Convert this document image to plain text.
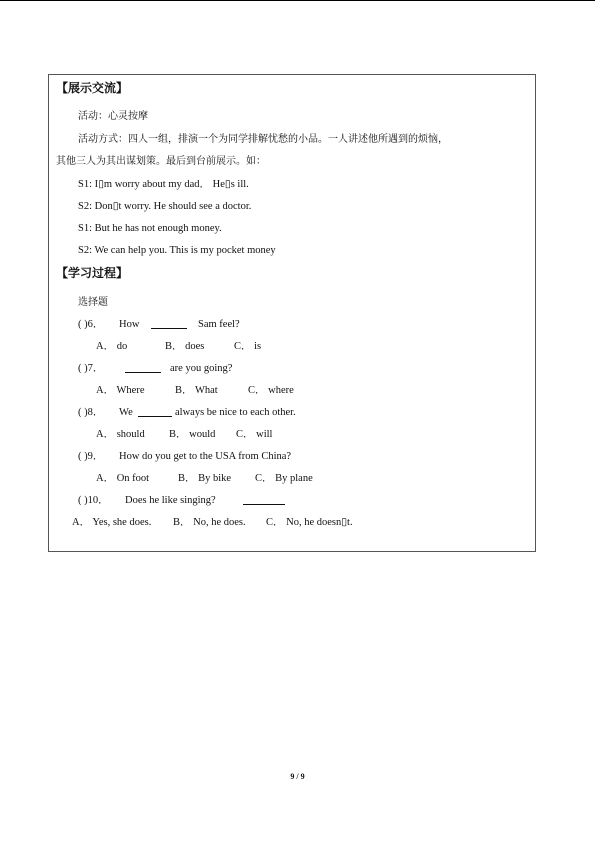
【展示交流】
活动：心灵按摩
活动方式：四人一组，排演一个为同学排解忧愁的小品。一人讲述他所遇到的烦恼，
其他三人为其出谋划策。最后到台前展示。如：
S1: I▯m worry about my dad． He▯s ill.
S2: Don▯t worry. He should see a doctor.
S1: But he has not enough money.
S2: We can help you. This is my pocket money
【学习过程】
选择题
( )6． How	Sam feel?
A． do	B． does	C． is
( )7．	are you going?
A． Where	B． What	C． where
( )8． We	always be nice to each other.
A． should B． would C． will
( )9． How do you get to the USA from China?
A． On foot	B． By bike C． By plane
( )10． Does he like singing?
A． Yes, she does. B． No, he does. C． No, he doesn▯t.
9 / 9
